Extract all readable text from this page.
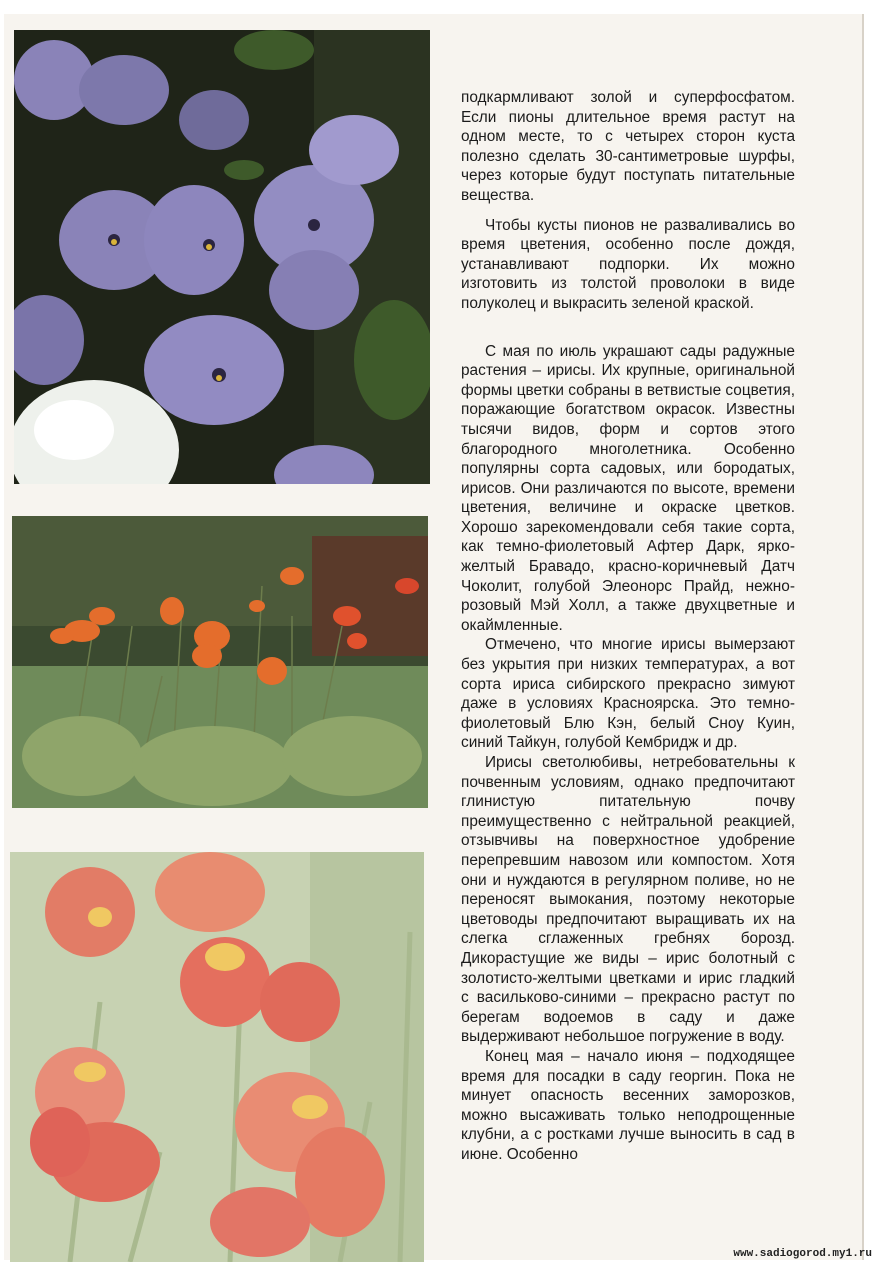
подкармливают золой и суперфосфатом. Если пионы длительное время растут на одном месте, то с четырех сторон куста полезно сделать 30-сантиметровые шурфы, через которые будут поступать питательные вещества.

Чтобы кусты пионов не разваливались во время цветения, особенно после дождя, устанавливают подпорки. Их можно изготовить из толстой проволоки в виде полуколец и выкрасить зеленой краской.

С мая по июль украшают сады радужные растения – ирисы. Их крупные, оригинальной формы цветки собраны в ветвистые соцветия, поражающие богатством окрасок. Известны тысячи видов, форм и сортов этого благородного многолетника. Особенно популярны сорта садовых, или бородатых, ирисов. Они различаются по высоте, времени цветения, величине и окраске цветков. Хорошо зарекомендовали себя такие сорта, как темно-фиолетовый Афтер Дарк, ярко-желтый Бравадо, красно-коричневый Датч Чоколит, голубой Элеонорс Прайд, нежно-розовый Мэй Холл, а также двухцветные и окаймленные.

Отмечено, что многие ирисы вымерзают без укрытия при низких температурах, а вот сорта ириса сибирского прекрасно зимуют даже в условиях Красноярска. Это темно-фиолетовый Блю Кэн, белый Сноу Куин, синий Тайкун, голубой Кембридж и др.

Ирисы светолюбивы, нетребовательны к почвенным условиям, однако предпочитают глинистую питательную почву преимущественно с нейтральной реакцией, отзывчивы на поверхностное удобрение перепревшим навозом или компостом. Хотя они и нуждаются в регулярном поливе, но не переносят вымокания, поэтому некоторые цветоводы предпочитают выращивать их на слегка сглаженных гребнях борозд. Дикорастущие же виды – ирис болотный с золотисто-желтыми цветками и ирис гладкий с васильково-синими – прекрасно растут по берегам водоемов в саду и даже выдерживают небольшое погружение в воду.

Конец мая – начало июня – подходящее время для посадки в саду георгин. Пока не минует опасность весенних заморозков, можно высаживать только неподрощенные клубни, а с ростками лучше выносить в сад в июне. Особенно

www.sadiogorod.my1.ru
